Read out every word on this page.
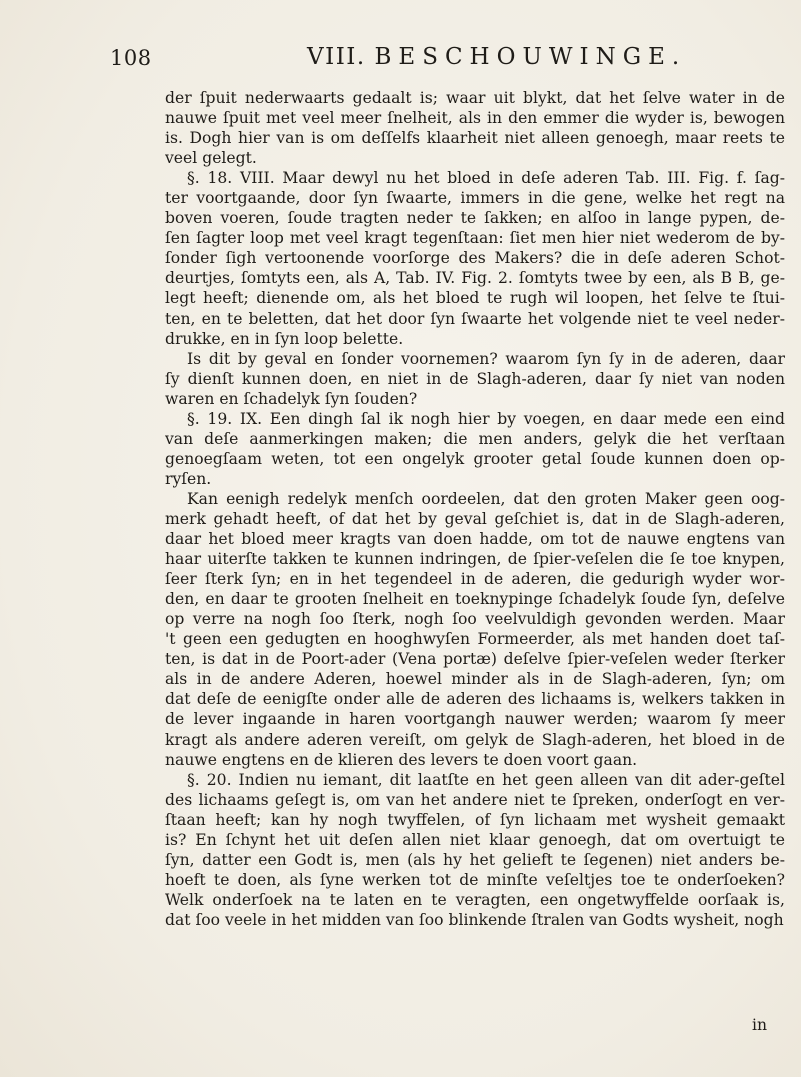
108	VIII. BESCHOUWINGE.
der ſpuit nederwaarts gedaalt is; waar uit blykt, dat het ſelve water in de
nauwe ſpuit met veel meer ſnelheit, als in den emmer die wyder is, bewogen
is. Dogh hier van is om deſſelfs klaarheit niet alleen genoegh, maar reets te
veel gelegt.
§. 18. VIII. Maar dewyl nu het bloed in deſe aderen Tab. III. Fig. f. ſag-
ter voortgaande, door ſyn ſwaarte, immers in die gene, welke het regt na
boven voeren, ſoude tragten neder te ſakken; en alſoo in lange pypen, de-
ſen ſagter loop met veel kragt tegenſtaan: ſiet men hier niet wederom de by-
ſonder ſigh vertoonende voorſorge des Makers? die in deſe aderen Schot-
deurtjes, ſomtyts een, als A, Tab. IV. Fig. 2. ſomtyts twee by een, als B B, ge-
legt heeft; dienende om, als het bloed te rugh wil loopen, het ſelve te ſtui-
ten, en te beletten, dat het door ſyn ſwaarte het volgende niet te veel neder-
drukke, en in ſyn loop belette.
Is dit by geval en ſonder voornemen? waarom ſyn ſy in de aderen, daar
ſy dienſt kunnen doen, en niet in de Slagh-aderen, daar ſy niet van noden
waren en ſchadelyk ſyn ſouden?
§. 19. IX. Een dingh ſal ik nogh hier by voegen, en daar mede een eind
van deſe aanmerkingen maken; die men anders, gelyk die het verſtaan
genoegſaam weten, tot een ongelyk grooter getal ſoude kunnen doen op-
ryſen.
Kan eenigh redelyk menſch oordeelen, dat den groten Maker geen oog-
merk gehadt heeft, of dat het by geval geſchiet is, dat in de Slagh-aderen,
daar het bloed meer kragts van doen hadde, om tot de nauwe engtens van
haar uiterſte takken te kunnen indringen, de ſpier-veſelen die ſe toe knypen,
ſeer ſterk ſyn; en in het tegendeel in de aderen, die gedurigh wyder wor-
den, en daar te grooten ſnelheit en toeknypinge ſchadelyk ſoude ſyn, deſelve
op verre na nogh ſoo ſterk, nogh ſoo veelvuldigh gevonden werden. Maar
't geen een gedugten en hooghwyſen Formeerder, als met handen doet taſ-
ten, is dat in de Poort-ader (Vena portæ) deſelve ſpier-veſelen weder ſterker
als in de andere Aderen, hoewel minder als in de Slagh-aderen, ſyn; om
dat deſe de eenigſte onder alle de aderen des lichaams is, welkers takken in
de lever ingaande in haren voortgangh nauwer werden; waarom ſy meer
kragt als andere aderen vereiſt, om gelyk de Slagh-aderen, het bloed in de
nauwe engtens en de klieren des levers te doen voort gaan.
§. 20. Indien nu iemant, dit laatſte en het geen alleen van dit ader-geſtel
des lichaams geſegt is, om van het andere niet te ſpreken, onderſogt en ver-
ſtaan heeft; kan hy nogh twyffelen, of ſyn lichaam met wysheit gemaakt
is? En ſchynt het uit deſen allen niet klaar genoegh, dat om overtuigt te
ſyn, datter een Godt is, men (als hy het gelieft te ſegenen) niet anders be-
hoeft te doen, als ſyne werken tot de minſte veſeltjes toe te onderſoeken?
Welk onderſoek na te laten en te veragten, een ongetwyffelde oorſaak is,
dat ſoo veele in het midden van ſoo blinkende ſtralen van Godts wysheit, nogh
in
